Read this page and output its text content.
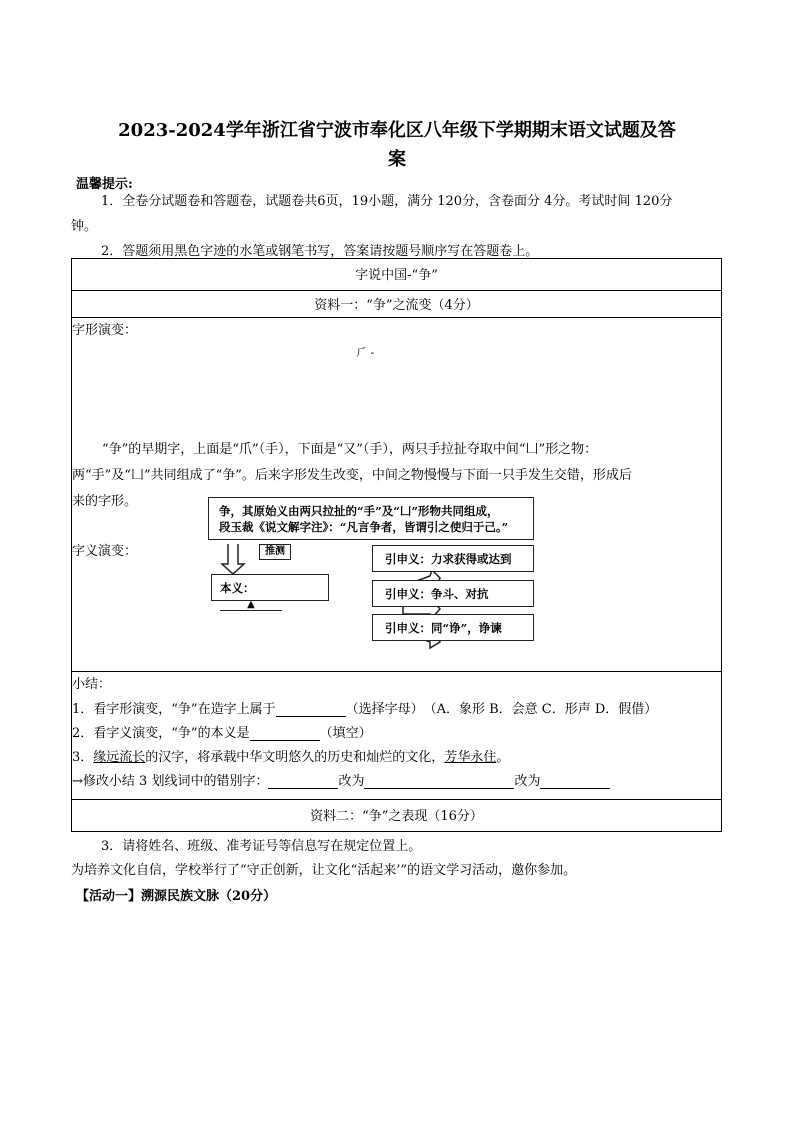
2023-2024学年浙江省宁波市奉化区八年级下学期期末语文试题及答
案
温馨提示:
1．全卷分试题卷和答题卷，试题卷共6页，19小题，满分 120分，含卷面分 4分。考试时间 120分
钟。
2．答题须用黑色字迹的水笔或钢笔书写，答案请按题号顺序写在答题卷上。
字说中国-“争”
资料一：“争”之流变（4分）
字形演变：
⺁ -
“争”的早期字，上面是“爪”（手），下面是“又”（手），两只手拉扯夺取中间“凵”形之物：
两“手”及“凵”共同组成了“争”。后来字形发生改变，中间之物慢慢与下面一只手发生交错，形成后
来的字形。
字义演变：
争，其原始义由两只拉扯的“手”及“凵”形物共同组成，
段玉裁《说文解字注》：“凡言争者，皆谓引之使归于己。”
推测
本义： ▲
引申义：力求获得或达到
引申义：争斗、对抗
引申义：同“诤”，诤谏
小结：
1．看字形演变，“争”在造字上属于	（选择字母）　（A．象形 B．会意 C．形声 D．假借）
2．看字义演变，“争”的本义是	（填空）
3．缘远流长的汉字，将承载中华文明悠久的历史和灿烂的文化，芳华永住。
→修改小结 3 划线词中的错别字：	改为	改为
资料二：“争”之表现（16分）
3．请将姓名、班级、准考证号等信息写在规定位置上。
为培养文化自信，学校举行了“守正创新，让文化“活起来’”的语文学习活动，邀你参加。
【活动一】溯源民族文脉（20分）
